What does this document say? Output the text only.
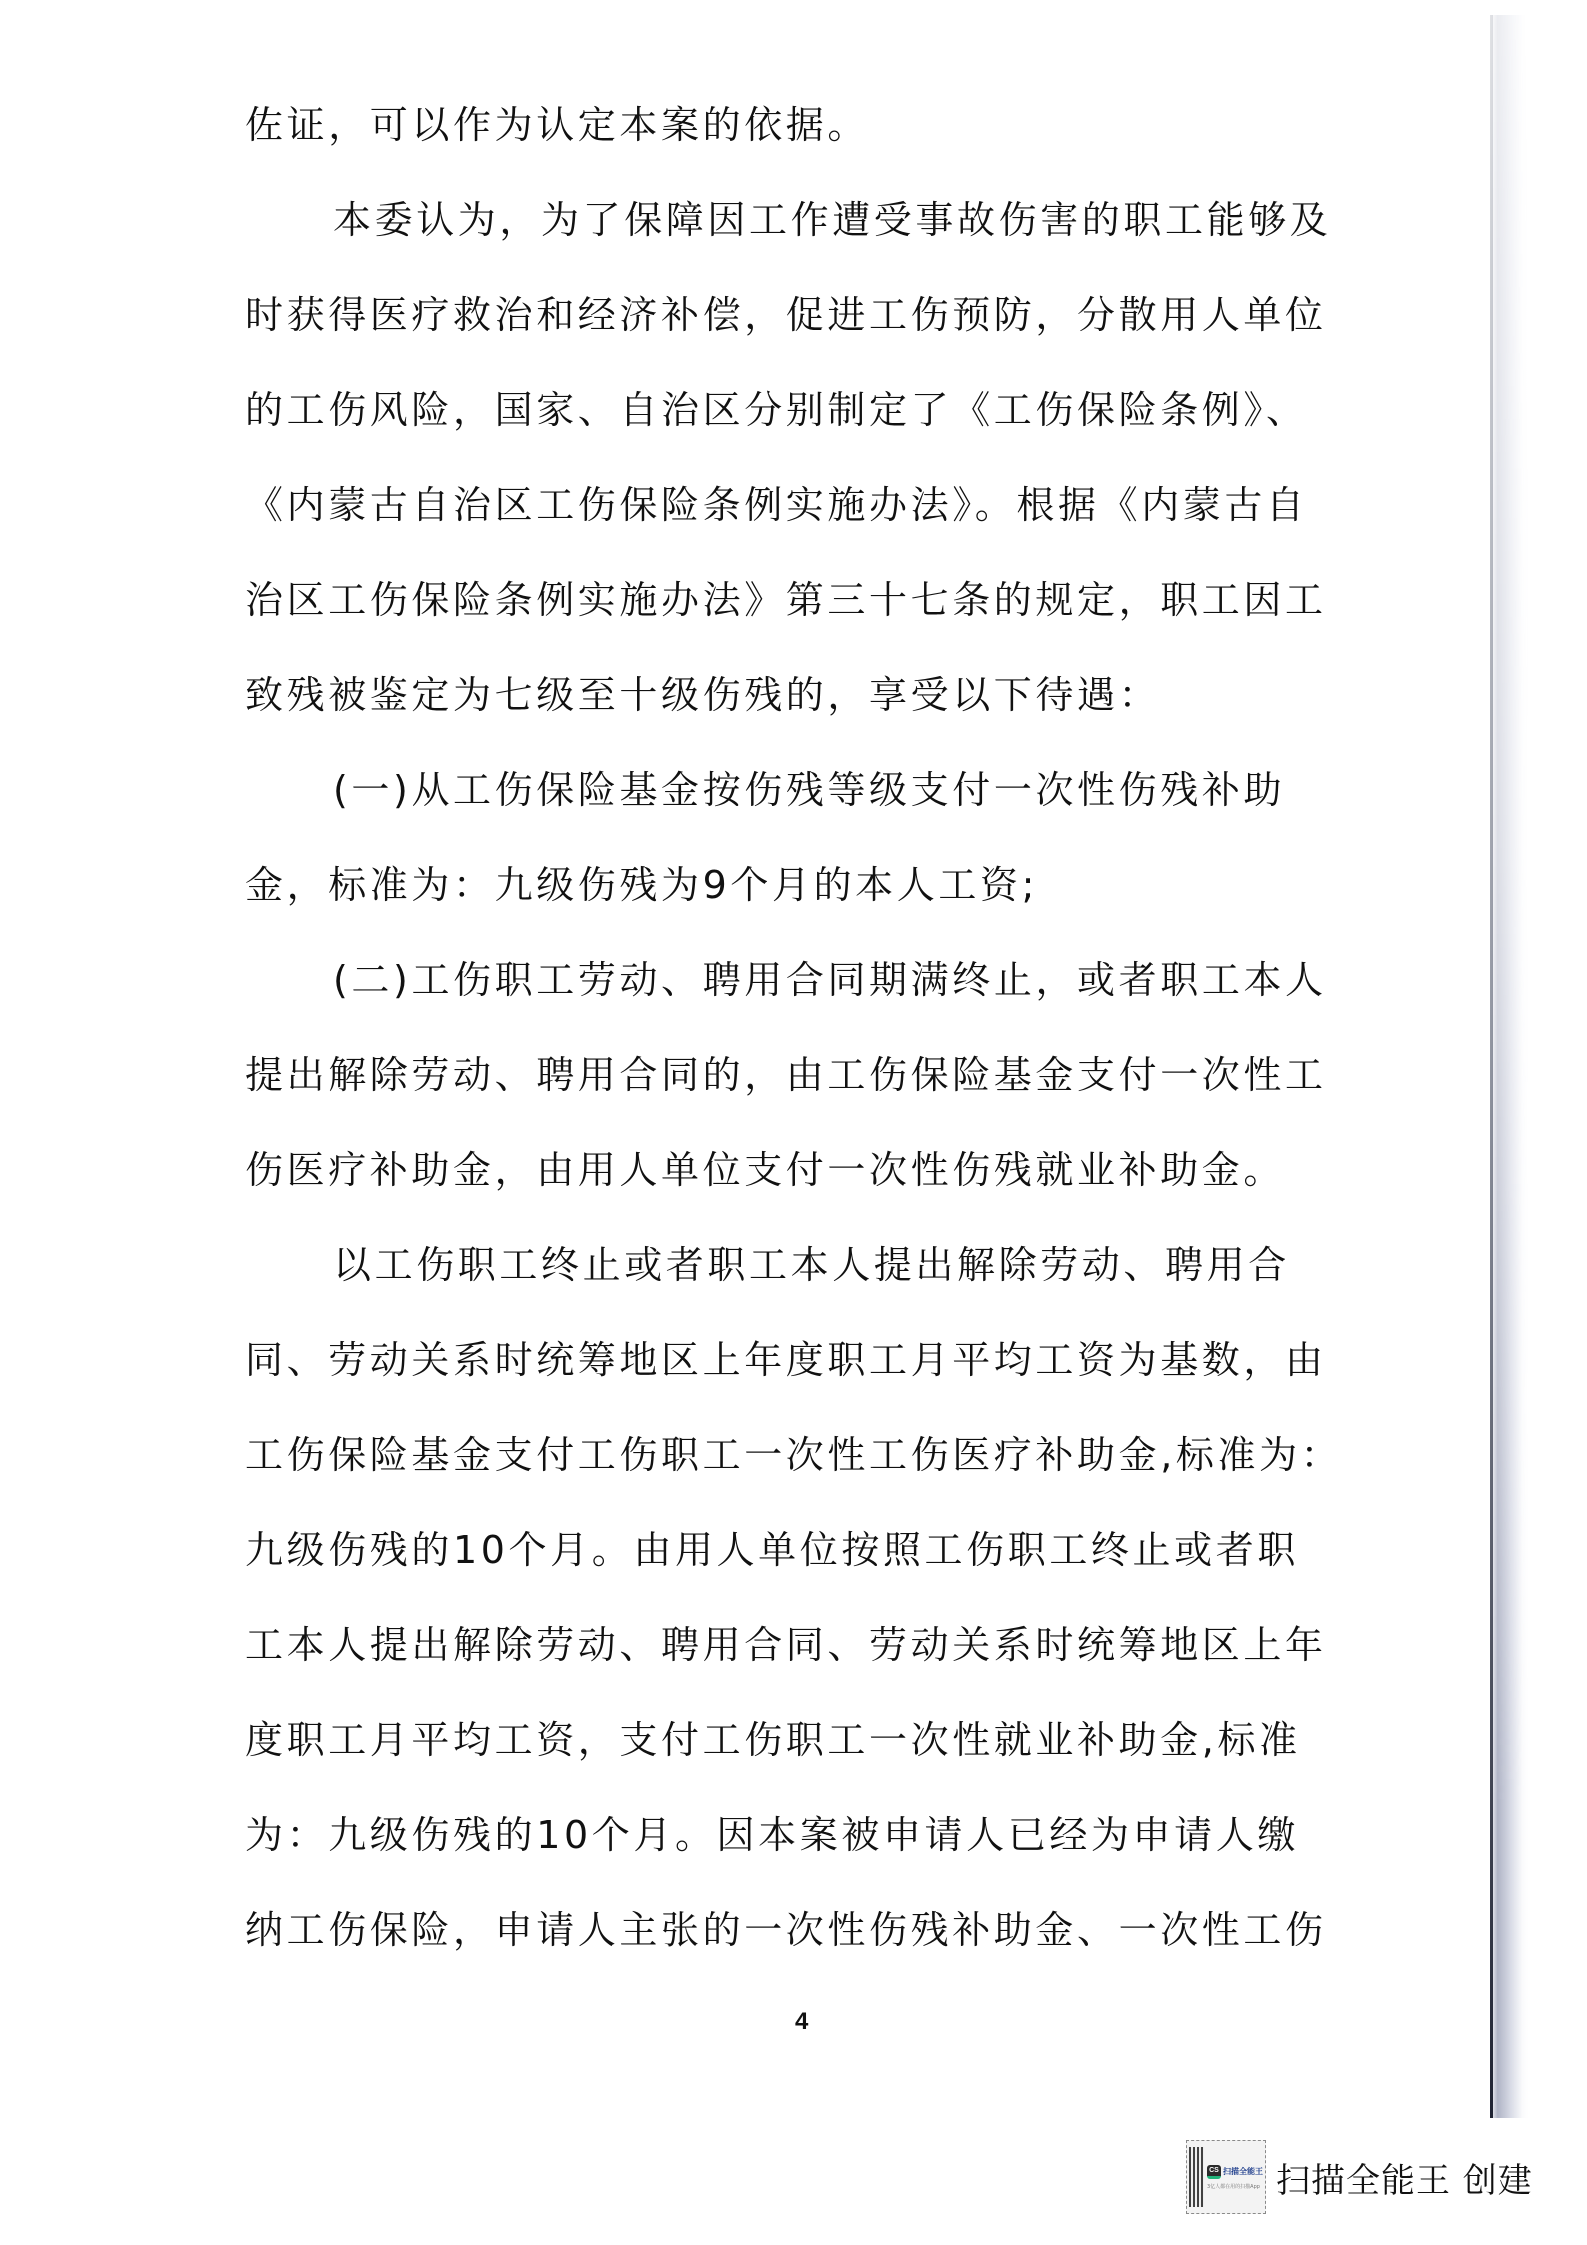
佐证，可以作为认定本案的依据。
本委认为，为了保障因工作遭受事故伤害的职工能够及
时获得医疗救治和经济补偿，促进工伤预防，分散用人单位
的工伤风险，国家、自治区分别制定了《工伤保险条例》、
《内蒙古自治区工伤保险条例实施办法》。根据《内蒙古自
治区工伤保险条例实施办法》第三十七条的规定，职工因工
致残被鉴定为七级至十级伤残的，享受以下待遇：
(一)从工伤保险基金按伤残等级支付一次性伤残补助
金，标准为：九级伤残为9个月的本人工资;
(二)工伤职工劳动、聘用合同期满终止，或者职工本人
提出解除劳动、聘用合同的，由工伤保险基金支付一次性工
伤医疗补助金，由用人单位支付一次性伤残就业补助金。
以工伤职工终止或者职工本人提出解除劳动、聘用合
同、劳动关系时统筹地区上年度职工月平均工资为基数，由
工伤保险基金支付工伤职工一次性工伤医疗补助金,标准为：
九级伤残的10个月。由用人单位按照工伤职工终止或者职
工本人提出解除劳动、聘用合同、劳动关系时统筹地区上年
度职工月平均工资，支付工伤职工一次性就业补助金,标准
为：九级伤残的10个月。因本案被申请人已经为申请人缴
纳工伤保险，申请人主张的一次性伤残补助金、一次性工伤
4
CS 扫描全能王
3亿人都在用的扫描App 扫描全能王 创建
